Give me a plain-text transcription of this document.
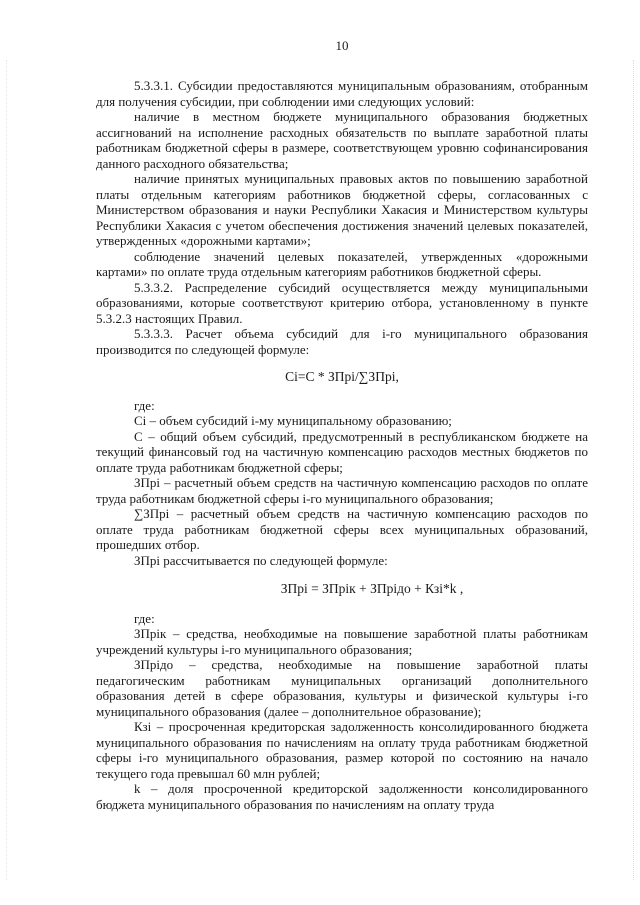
10

5.3.3.1. Субсидии предоставляются муниципальным образованиям, отобранным для получения субсидии, при соблюдении ими следующих условий:

наличие в местном бюджете муниципального образования бюджетных ассигнований на исполнение расходных обязательств по выплате заработной платы работникам бюджетной сферы в размере, соответствующем уровню софинансирования данного расходного обязательства;

наличие принятых муниципальных правовых актов по повышению заработной платы отдельным категориям работников бюджетной сферы, согласованных с Министерством образования и науки Республики Хакасия и Министерством культуры Республики Хакасия с учетом обеспечения достижения значений целевых показателей, утвержденных «дорожными картами»;

соблюдение значений целевых показателей, утвержденных «дорожными картами» по оплате труда отдельным категориям работников бюджетной сферы.

5.3.3.2. Распределение субсидий осуществляется между муниципальными образованиями, которые соответствуют критерию отбора, установленному в пункте 5.3.2.3 настоящих Правил.

5.3.3.3. Расчет объема субсидий для i-го муниципального образования производится по следующей формуле:

Ci=C * ЗПрi/∑ЗПрi,

где:

Ci – объем субсидий i-му муниципальному образованию;

С – общий объем субсидий, предусмотренный в республиканском бюджете на текущий финансовый год на частичную компенсацию расходов местных бюджетов по оплате труда работникам бюджетной сферы;

ЗПрi – расчетный объем средств на частичную компенсацию расходов по оплате труда работникам бюджетной сферы i-го муниципального образования;

∑ЗПрi – расчетный объем средств на частичную компенсацию расходов по оплате труда работникам бюджетной сферы всех муниципальных образований, прошедших отбор.

ЗПрi рассчитывается по следующей формуле:

ЗПрi = ЗПрiк + ЗПрiдо + Кзi*k ,

где:

ЗПрiк – средства, необходимые на повышение заработной платы работникам учреждений культуры i-го муниципального образования;

ЗПрiдо – средства, необходимые на повышение заработной платы педагогическим работникам муниципальных организаций дополнительного образования детей в сфере образования, культуры и физической культуры i-го муниципального образования (далее – дополнительное образование);

Кзi – просроченная кредиторская задолженность консолидированного бюджета муниципального образования по начислениям на оплату труда работникам бюджетной сферы i-го муниципального образования, размер которой по состоянию на начало текущего года превышал 60 млн рублей;

k – доля просроченной кредиторской задолженности консолидированного бюджета муниципального образования по начислениям на оплату труда
